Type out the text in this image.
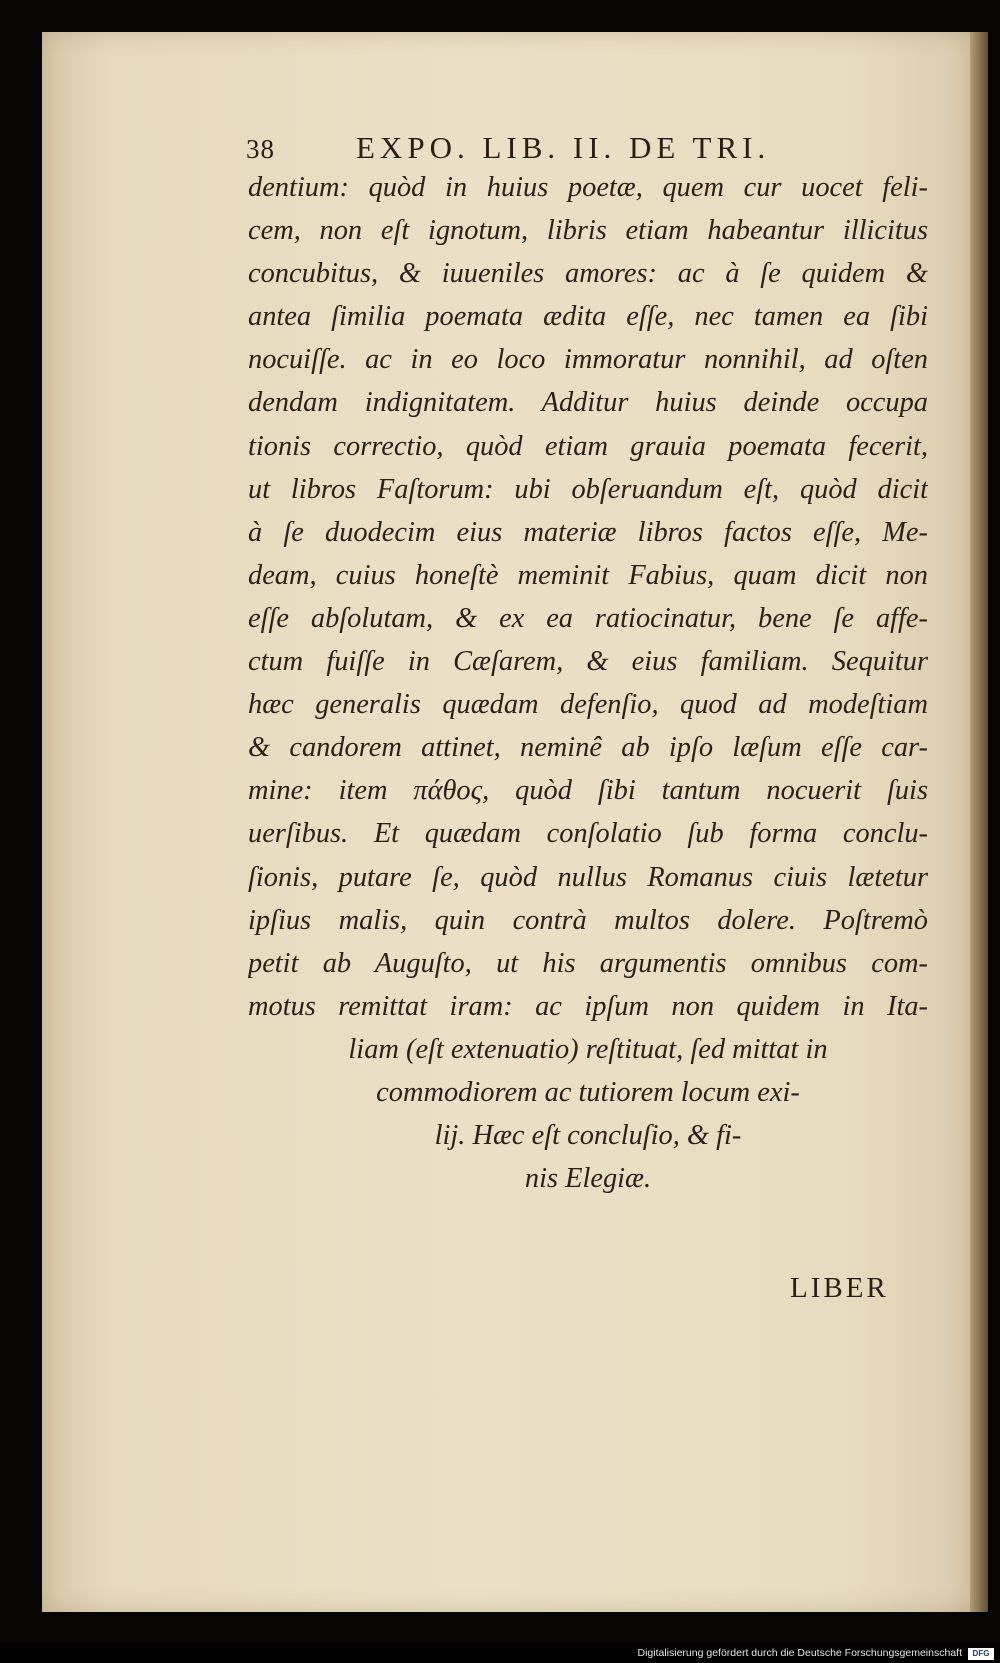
38	EXPO. LIB. II. DE TRI.
dentium: quòd in huius poetæ, quem cur uocet feli-
cem, non eſt ignotum, libris etiam habeantur illicitus
concubitus, & iuueniles amores: ac à ſe quidem &
antea ſimilia poemata ædita eſſe, nec tamen ea ſibi
nocuiſſe. ac in eo loco immoratur nonnihil, ad oſten
dendam indignitatem. Additur huius deinde occupa
tionis correctio, quòd etiam grauia poemata fecerit,
ut libros Faſtorum: ubi obſeruandum eſt, quòd dicit
à ſe duodecim eius materiæ libros factos eſſe, Me-
deam, cuius honeſtè meminit Fabius, quam dicit non
eſſe abſolutam, & ex ea ratiocinatur, bene ſe affe-
ctum fuiſſe in Cæſarem, & eius familiam. Sequitur
hæc generalis quædam defenſio, quod ad modeſtiam
& candorem attinet, neminê ab ipſo læſum eſſe car-
mine: item πάθος, quòd ſibi tantum nocuerit ſuis
uerſibus. Et quædam conſolatio ſub forma conclu-
ſionis, putare ſe, quòd nullus Romanus ciuis lætetur
ipſius malis, quin contrà multos dolere. Poſtremò
petit ab Auguſto, ut his argumentis omnibus com-
motus remittat iram: ac ipſum non quidem in Ita-
liam (eſt extenuatio) reſtituat, ſed mittat in
commodiorem ac tutiorem locum exi-
lij. Hæc eſt concluſio, & fi-
nis Elegiæ.
LIBER
Digitalisierung gefördert durch die Deutsche Forschungsgemeinschaft	DFG
